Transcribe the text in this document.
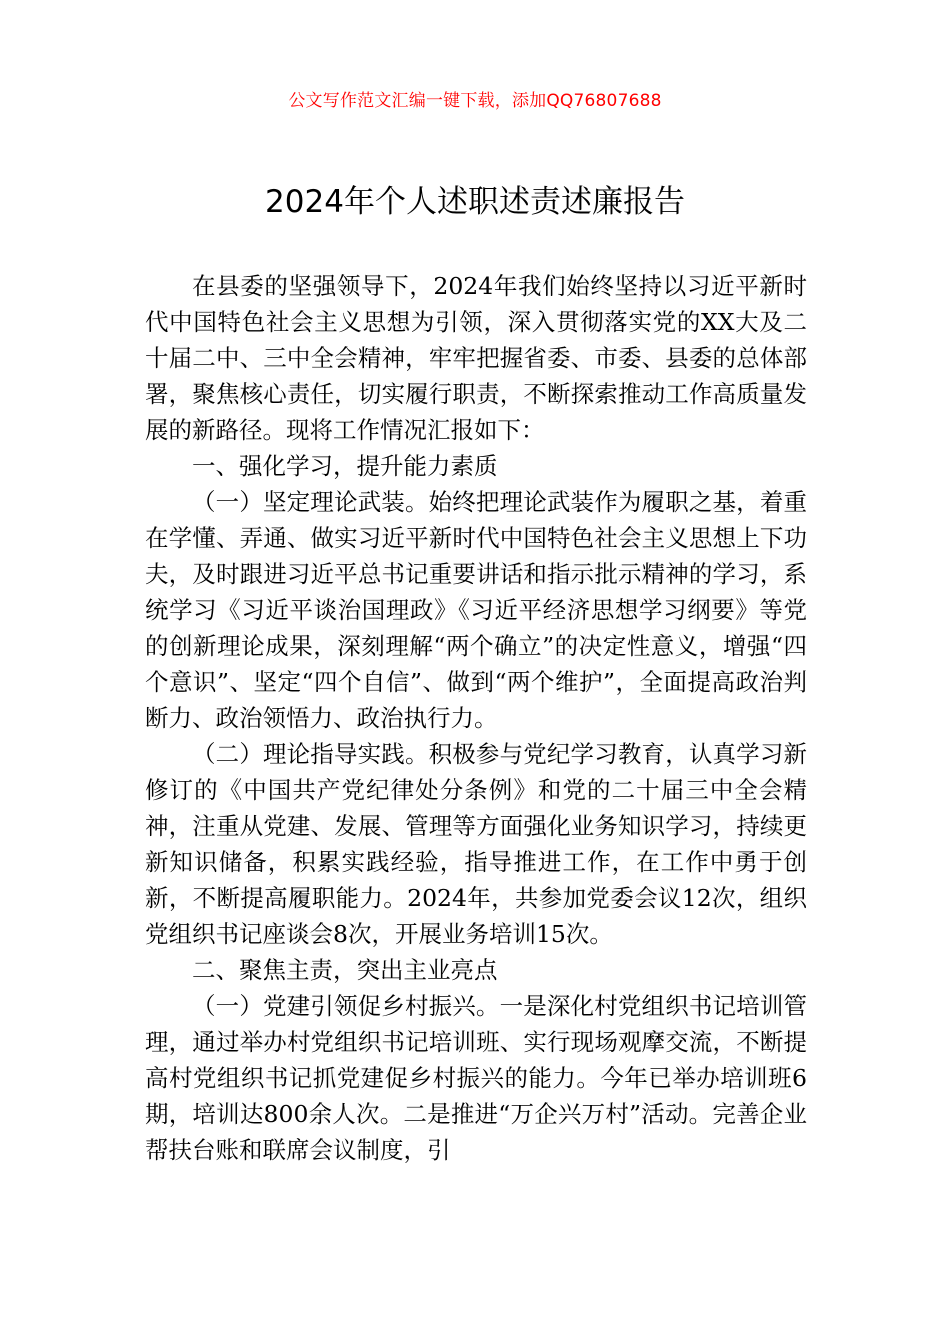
公文写作范文汇编一键下载，添加QQ76807688
2024年个人述职述责述廉报告

在县委的坚强领导下，2024年我们始终坚持以习近平新时代中国特色社会主义思想为引领，深入贯彻落实党的XX大及二十届二中、三中全会精神，牢牢把握省委、市委、县委的总体部署，聚焦核心责任，切实履行职责，不断探索推动工作高质量发展的新路径。现将工作情况汇报如下：

一、强化学习，提升能力素质

（一）坚定理论武装。始终把理论武装作为履职之基，着重在学懂、弄通、做实习近平新时代中国特色社会主义思想上下功夫，及时跟进习近平总书记重要讲话和指示批示精神的学习，系统学习《习近平谈治国理政》《习近平经济思想学习纲要》等党的创新理论成果，深刻理解“两个确立”的决定性意义，增强“四个意识”、坚定“四个自信”、做到“两个维护”，全面提高政治判断力、政治领悟力、政治执行力。

（二）理论指导实践。积极参与党纪学习教育，认真学习新修订的《中国共产党纪律处分条例》和党的二十届三中全会精神，注重从党建、发展、管理等方面强化业务知识学习，持续更新知识储备，积累实践经验，指导推进工作，在工作中勇于创新，不断提高履职能力。2024年，共参加党委会议12次，组织党组织书记座谈会8次，开展业务培训15次。

二、聚焦主责，突出主业亮点

（一）党建引领促乡村振兴。一是深化村党组织书记培训管理，通过举办村党组织书记培训班、实行现场观摩交流，不断提高村党组织书记抓党建促乡村振兴的能力。今年已举办培训班6期，培训达800余人次。二是推进“万企兴万村”活动。完善企业帮扶台账和联席会议制度，引
